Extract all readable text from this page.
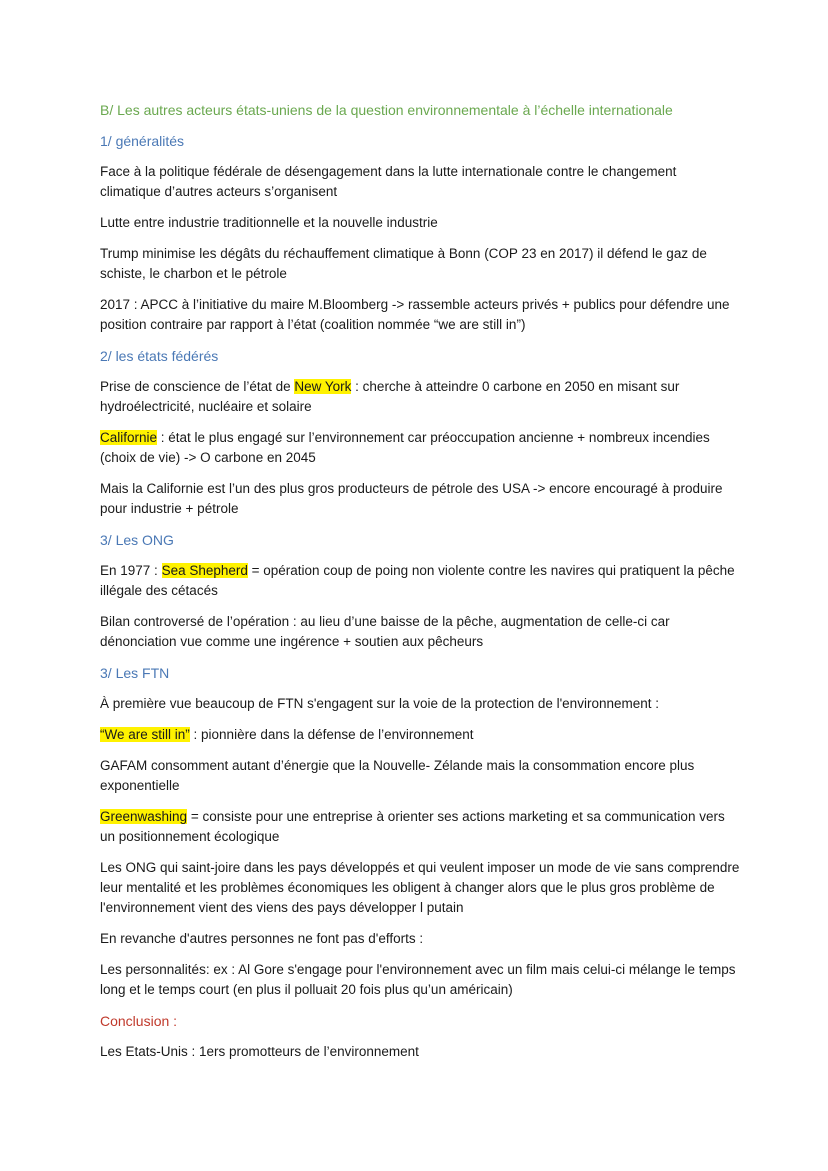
B/ Les autres acteurs états-uniens de la question environnementale à l’échelle internationale

1/ généralités

Face à la politique fédérale de désengagement dans la lutte internationale contre le changement climatique d’autres acteurs s’organisent

Lutte entre industrie traditionnelle et la nouvelle industrie

Trump minimise les dégâts du réchauffement climatique à Bonn (COP 23 en 2017) il défend le gaz de schiste, le charbon et le pétrole

2017 : APCC à l’initiative du maire M.Bloomberg -> rassemble acteurs privés + publics pour défendre une position contraire par rapport à l’état (coalition nommée “we are still in”)

2/ les états fédérés

Prise de conscience de l’état de New York : cherche à atteindre 0 carbone en 2050 en misant sur hydroélectricité, nucléaire et solaire

Californie : état le plus engagé sur l’environnement car préoccupation ancienne + nombreux incendies (choix de vie) -> O carbone en 2045

Mais la Californie est l’un des plus gros producteurs de pétrole des USA -> encore encouragé à produire pour industrie + pétrole

3/ Les ONG

En 1977 : Sea Shepherd = opération coup de poing non violente contre les navires qui pratiquent la pêche illégale des cétacés

Bilan controversé de l’opération : au lieu d’une baisse de la pêche, augmentation de celle-ci car dénonciation vue comme une ingérence + soutien aux pêcheurs

3/ Les FTN

À première vue beaucoup de FTN s'engagent sur la voie de la protection de l'environnement :

“We are still in” : pionnière dans la défense de l’environnement

GAFAM consomment autant d’énergie que la Nouvelle- Zélande mais la consommation encore plus exponentielle

Greenwashing = consiste pour une entreprise à orienter ses actions marketing et sa communication vers un positionnement écologique

Les ONG qui saint-joire dans les pays développés et qui veulent imposer un mode de vie sans comprendre leur mentalité et les problèmes économiques les obligent à changer alors que le plus gros problème de l'environnement vient des viens des pays développer l putain

En revanche d'autres personnes ne font pas d'efforts :

Les personnalités: ex : Al Gore s'engage pour l'environnement avec un film mais celui-ci mélange le temps long et le temps court (en plus il polluait 20 fois plus qu’un américain)

Conclusion :

Les Etats-Unis : 1ers promotteurs de l’environnement
